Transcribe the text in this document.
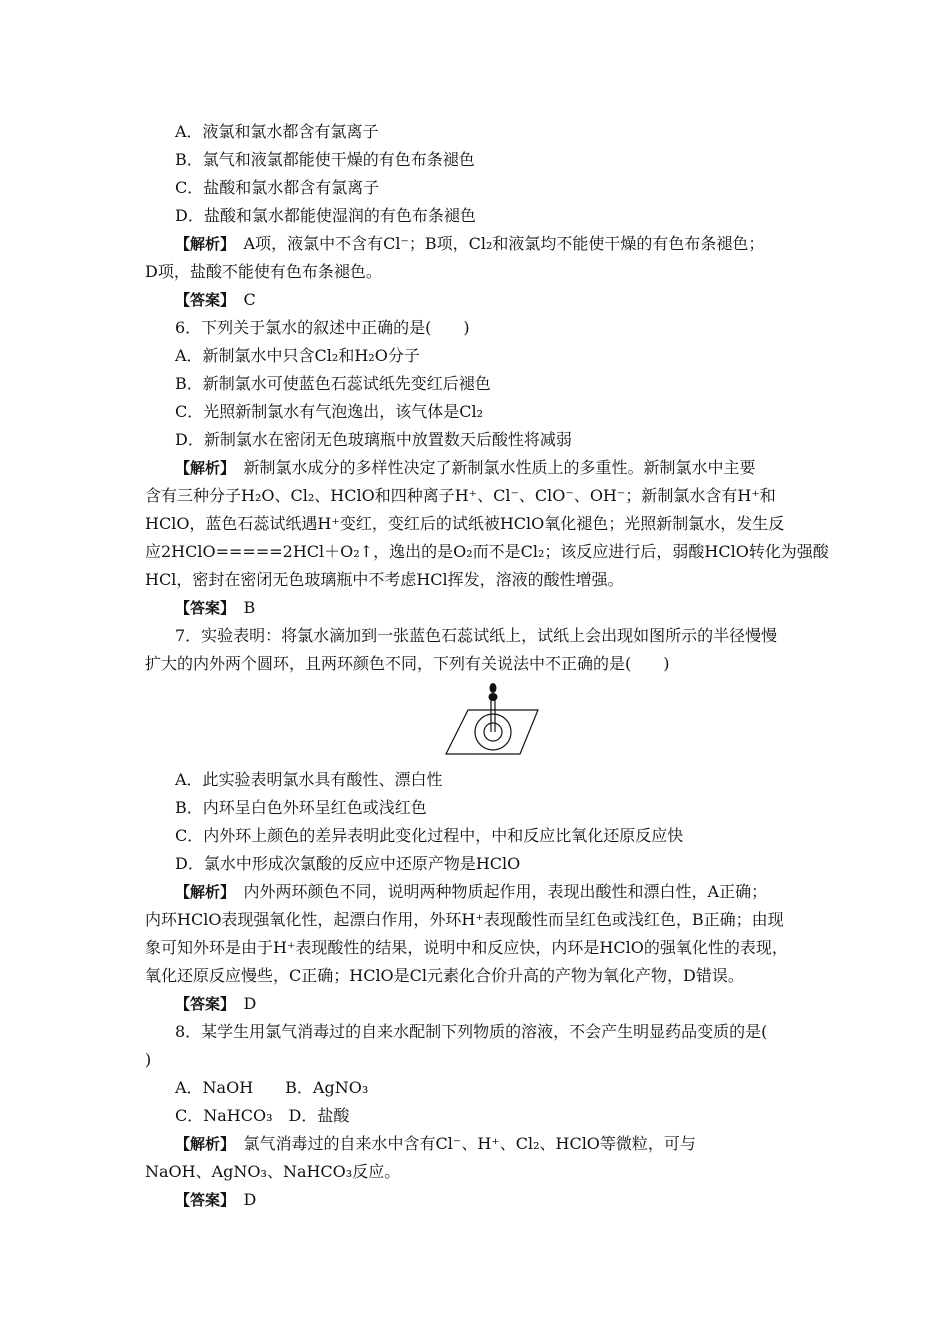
A．液氯和氯水都含有氯离子
B．氯气和液氯都能使干燥的有色布条褪色
C．盐酸和氯水都含有氯离子
D．盐酸和氯水都能使湿润的有色布条褪色
【解析】　A项，液氯中不含有Cl⁻；B项，Cl₂和液氯均不能使干燥的有色布条褪色；
D项，盐酸不能使有色布条褪色。
【答案】　C
6．下列关于氯水的叙述中正确的是(　　)
A．新制氯水中只含Cl₂和H₂O分子
B．新制氯水可使蓝色石蕊试纸先变红后褪色
C．光照新制氯水有气泡逸出，该气体是Cl₂
D．新制氯水在密闭无色玻璃瓶中放置数天后酸性将减弱
【解析】　新制氯水成分的多样性决定了新制氯水性质上的多重性。新制氯水中主要
含有三种分子H₂O、Cl₂、HClO和四种离子H⁺、Cl⁻、ClO⁻、OH⁻；新制氯水含有H⁺和
HClO，蓝色石蕊试纸遇H⁺变红，变红后的试纸被HClO氧化褪色；光照新制氯水，发生反
应2HClO=====2HCl＋O₂↑，逸出的是O₂而不是Cl₂；该反应进行后，弱酸HClO转化为强酸
HCl，密封在密闭无色玻璃瓶中不考虑HCl挥发，溶液的酸性增强。
【答案】　B
7．实验表明：将氯水滴加到一张蓝色石蕊试纸上，试纸上会出现如图所示的半径慢慢
扩大的内外两个圆环，且两环颜色不同，下列有关说法中不正确的是(　　)
A．此实验表明氯水具有酸性、漂白性
B．内环呈白色外环呈红色或浅红色
C．内外环上颜色的差异表明此变化过程中，中和反应比氧化还原反应快
D．氯水中形成次氯酸的反应中还原产物是HClO
【解析】　内外两环颜色不同，说明两种物质起作用，表现出酸性和漂白性，A正确；
内环HClO表现强氧化性，起漂白作用，外环H⁺表现酸性而呈红色或浅红色，B正确；由现
象可知外环是由于H⁺表现酸性的结果，说明中和反应快，内环是HClO的强氧化性的表现，
氧化还原反应慢些，C正确；HClO是Cl元素化合价升高的产物为氧化产物，D错误。
【答案】　D
8．某学生用氯气消毒过的自来水配制下列物质的溶液，不会产生明显药品变质的是(
)
A．NaOH　　B．AgNO₃
C．NaHCO₃　D．盐酸
【解析】　氯气消毒过的自来水中含有Cl⁻、H⁺、Cl₂、HClO等微粒，可与
NaOH、AgNO₃、NaHCO₃反应。
【答案】　D
